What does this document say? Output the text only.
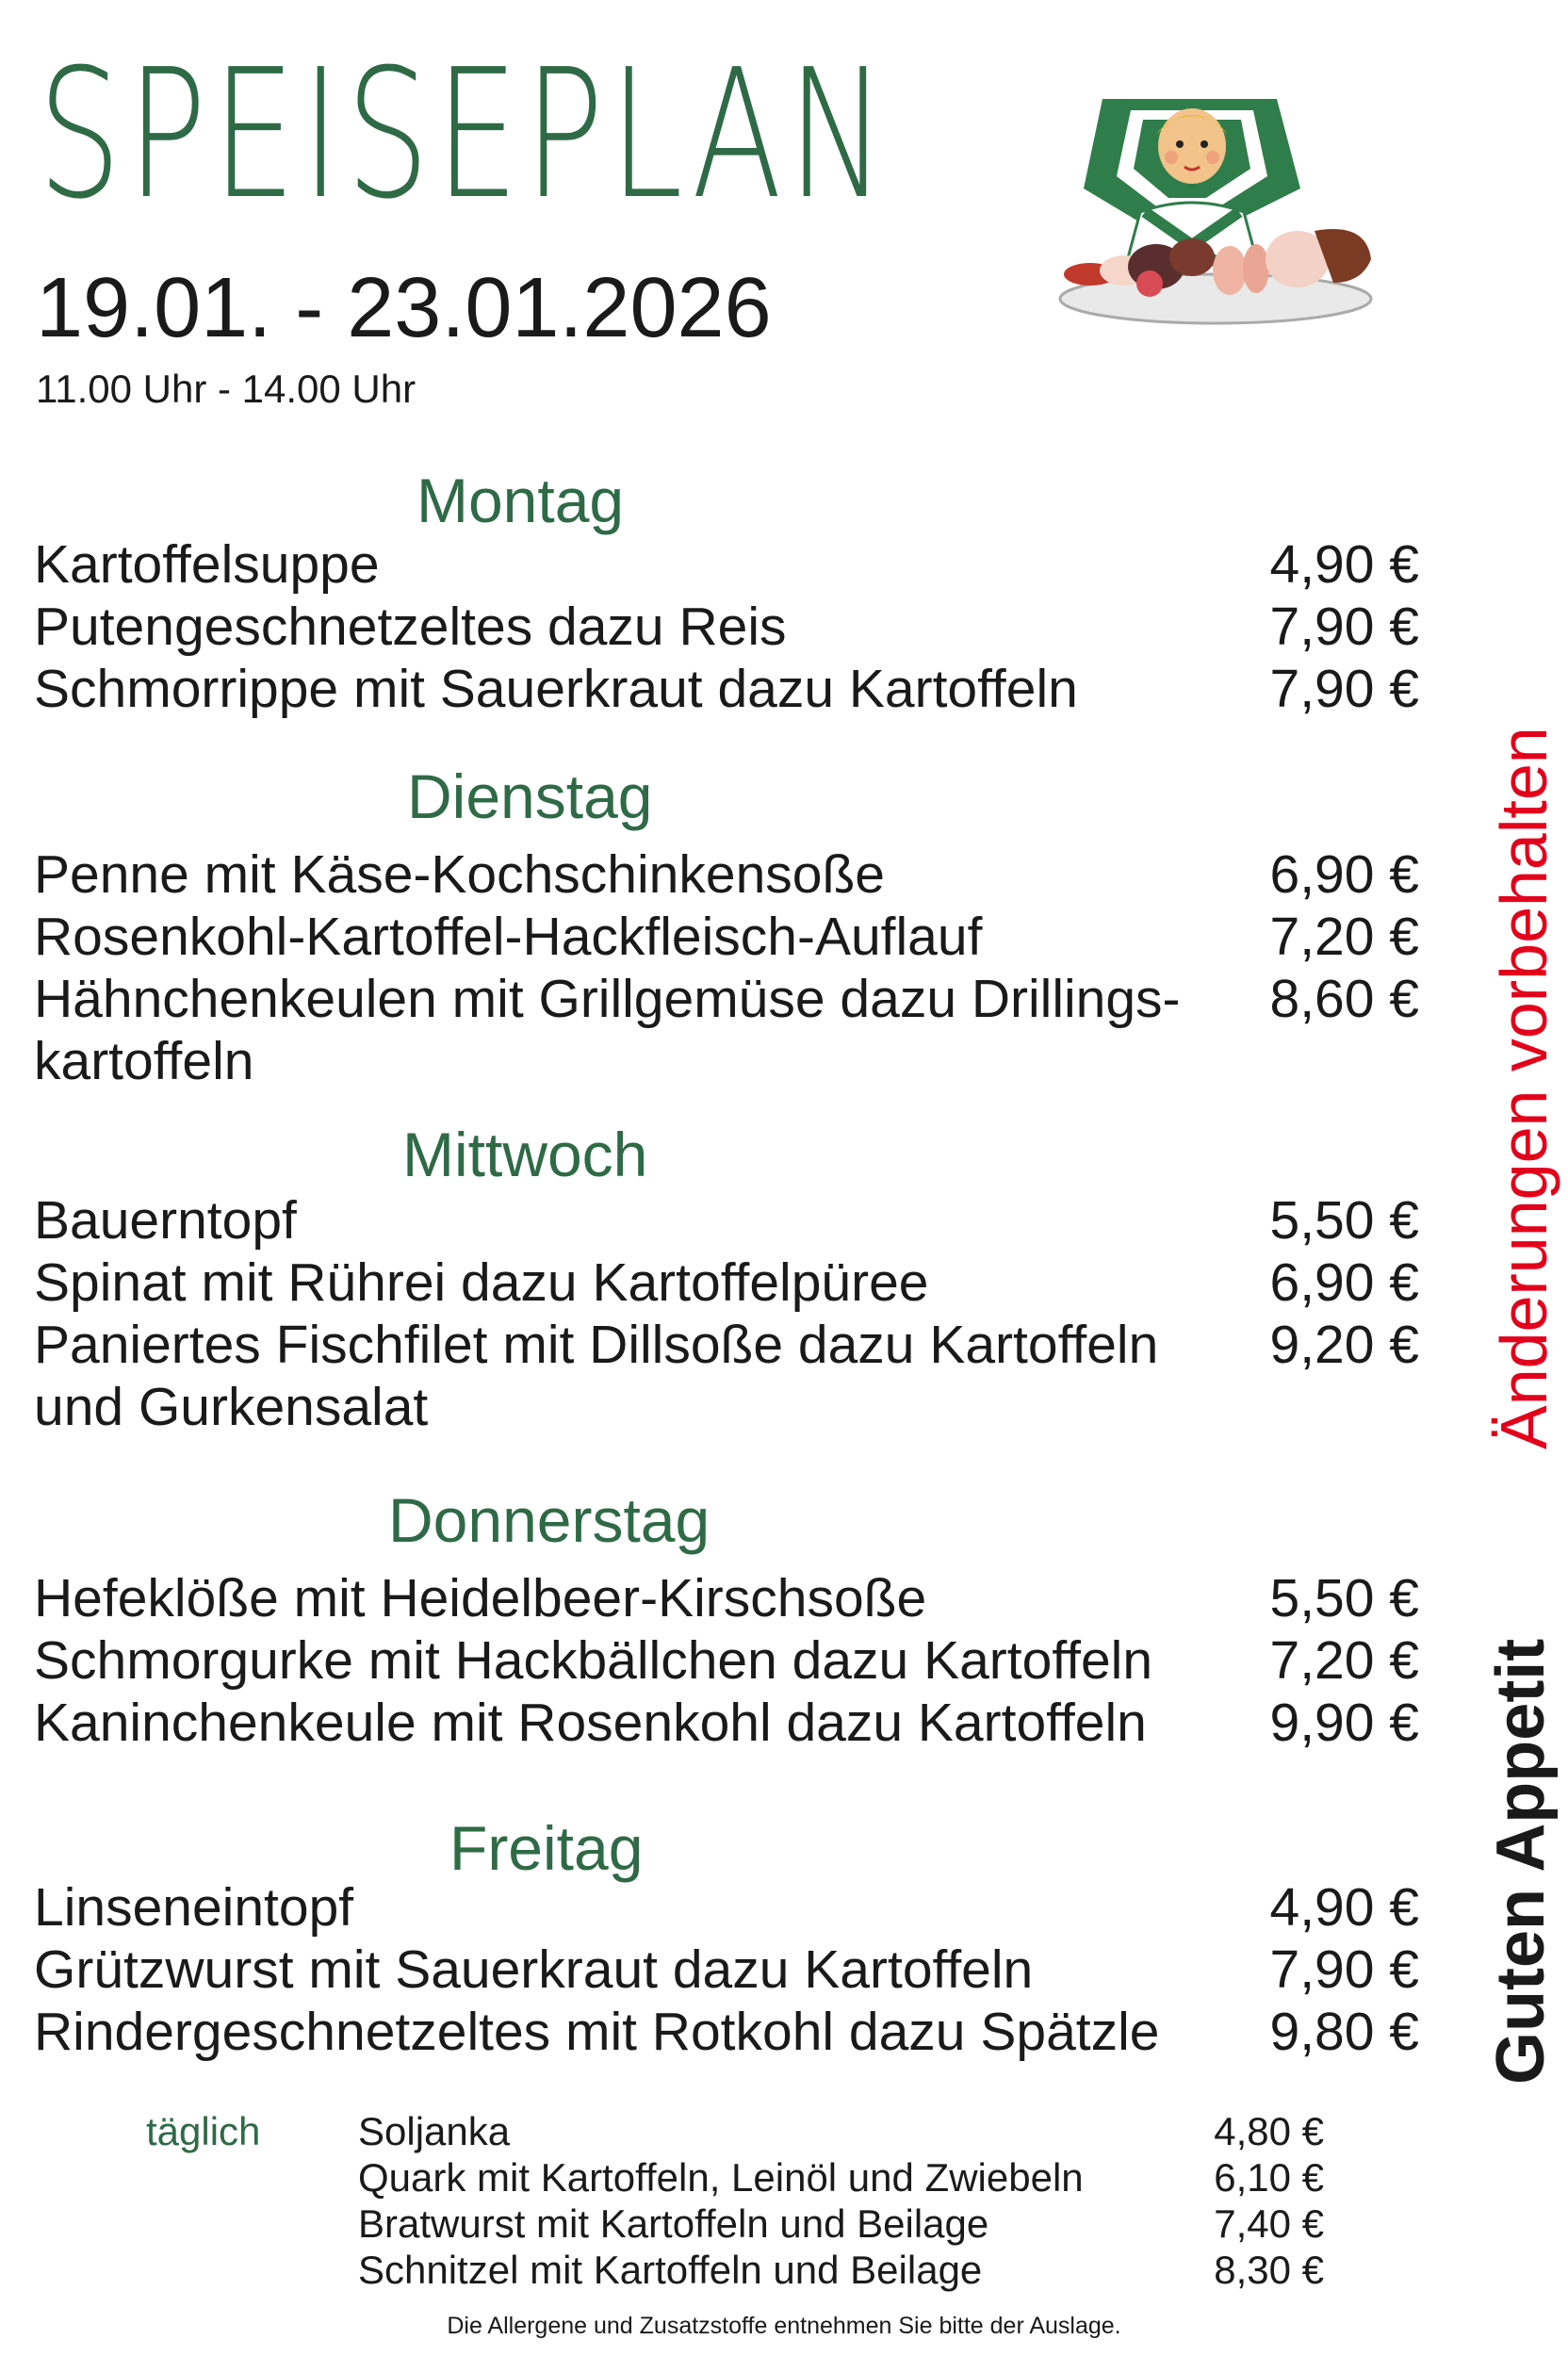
SPEISEPLAN
19.01. - 23.01.2026
11.00 Uhr - 14.00 Uhr
Montag
Kartoffelsuppe	4,90 €
Putengeschnetzeltes dazu Reis	7,90 €
Schmorrippe mit Sauerkraut dazu Kartoffeln	7,90 €
Dienstag
Penne mit Käse-Kochschinkensoße	6,90 €
Rosenkohl-Kartoffel-Hackfleisch-Auflauf	7,20 €
Hähnchenkeulen mit Grillgemüse dazu Drillings- kartoffeln
8,60 €
Mittwoch
Bauerntopf	5,50 €
Spinat mit Rührei dazu Kartoffelpüree	6,90 €
Paniertes Fischfilet mit Dillsoße dazu Kartoffeln und Gurkensalat
9,20 €
Donnerstag
Hefeklöße mit Heidelbeer-Kirschsoße	5,50 €
Schmorgurke mit Hackbällchen dazu Kartoffeln 7,20 €
Kaninchenkeule mit Rosenkohl dazu Kartoffeln 9,90 €
Freitag
Linseneintopf	4,90 €
Grützwurst mit Sauerkraut dazu Kartoffeln	7,90 €
Rindergeschnetzeltes mit Rotkohl dazu Spätzle 9,80 €
täglich Soljanka	4,80 €
Quark mit Kartoffeln, Leinöl und Zwiebeln	6,10 €
Bratwurst mit Kartoffeln und Beilage	7,40 €
Schnitzel mit Kartoffeln und Beilage	8,30 €
Die Allergene und Zusatzstoffe entnehmen Sie bitte der Auslage.
Änderungen vorbehalten
Guten Appetit
